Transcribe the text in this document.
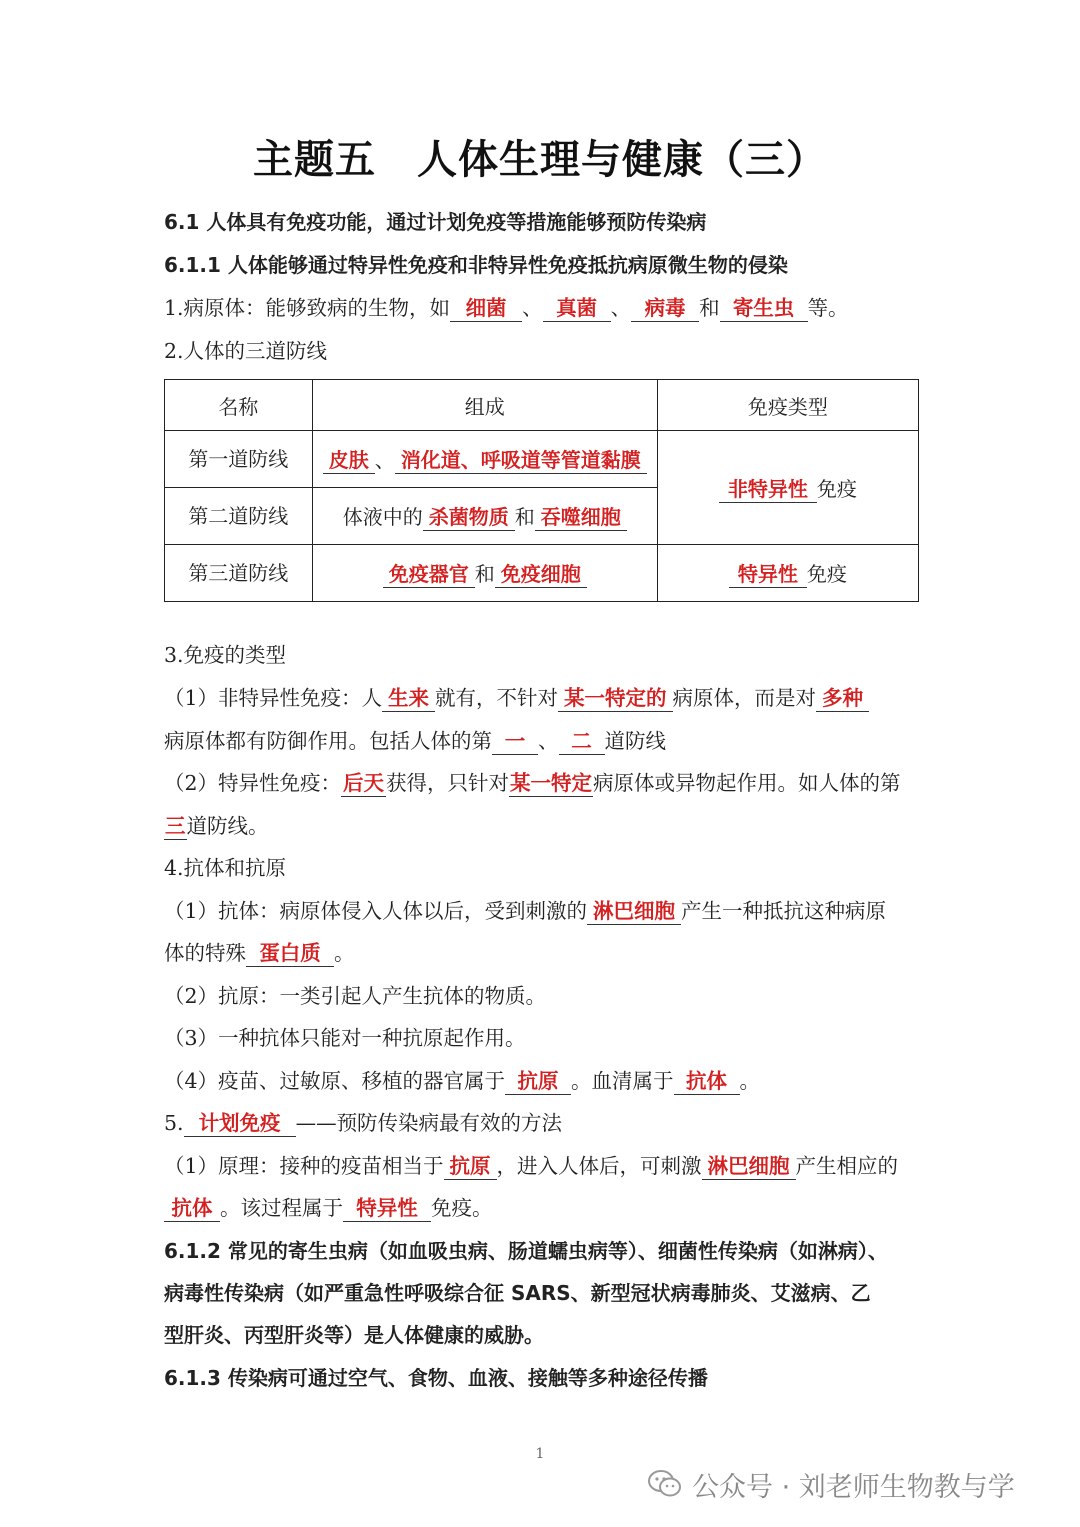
主题五　人体生理与健康（三）
6.1 人体具有免疫功能，通过计划免疫等措施能够预防传染病
6.1.1 人体能够通过特异性免疫和非特异性免疫抵抗病原微生物的侵染
1.病原体：能够致病的生物，如 细菌 、 真菌 、 病毒 和 寄生虫 等。
2.人体的三道防线
名称	组成	免疫类型
第一道防线	皮肤 、 消化道、呼吸道等管道黏膜	非特异性 免疫
第二道防线	体液中的 杀菌物质 和 吞噬细胞	
第三道防线	免疫器官 和 免疫细胞	特异性 免疫
3.免疫的类型
（1）非特异性免疫：人 生来 就有，不针对 某一特定的 病原体，而是对 多种
病原体都有防御作用。包括人体的第 一 、 二 道防线
（2）特异性免疫：后天获得，只针对某一特定病原体或异物起作用。如人体的第
三道防线。
4.抗体和抗原
（1）抗体：病原体侵入人体以后，受到刺激的 淋巴细胞 产生一种抵抗这种病原
体的特殊 蛋白质 。
（2）抗原：一类引起人产生抗体的物质。
（3）一种抗体只能对一种抗原起作用。
（4）疫苗、过敏原、移植的器官属于 抗原 。血清属于 抗体 。
5. 计划免疫 ——预防传染病最有效的方法
（1）原理：接种的疫苗相当于 抗原 ，进入人体后，可刺激 淋巴细胞 产生相应的
抗体 。该过程属于 特异性 免疫。
6.1.2 常见的寄生虫病（如血吸虫病、肠道蠕虫病等）、细菌性传染病（如淋病）、
病毒性传染病（如严重急性呼吸综合征 SARS、新型冠状病毒肺炎、艾滋病、乙
型肝炎、丙型肝炎等）是人体健康的威胁。
6.1.3 传染病可通过空气、食物、血液、接触等多种途径传播
1
公众号 · 刘老师生物教与学
